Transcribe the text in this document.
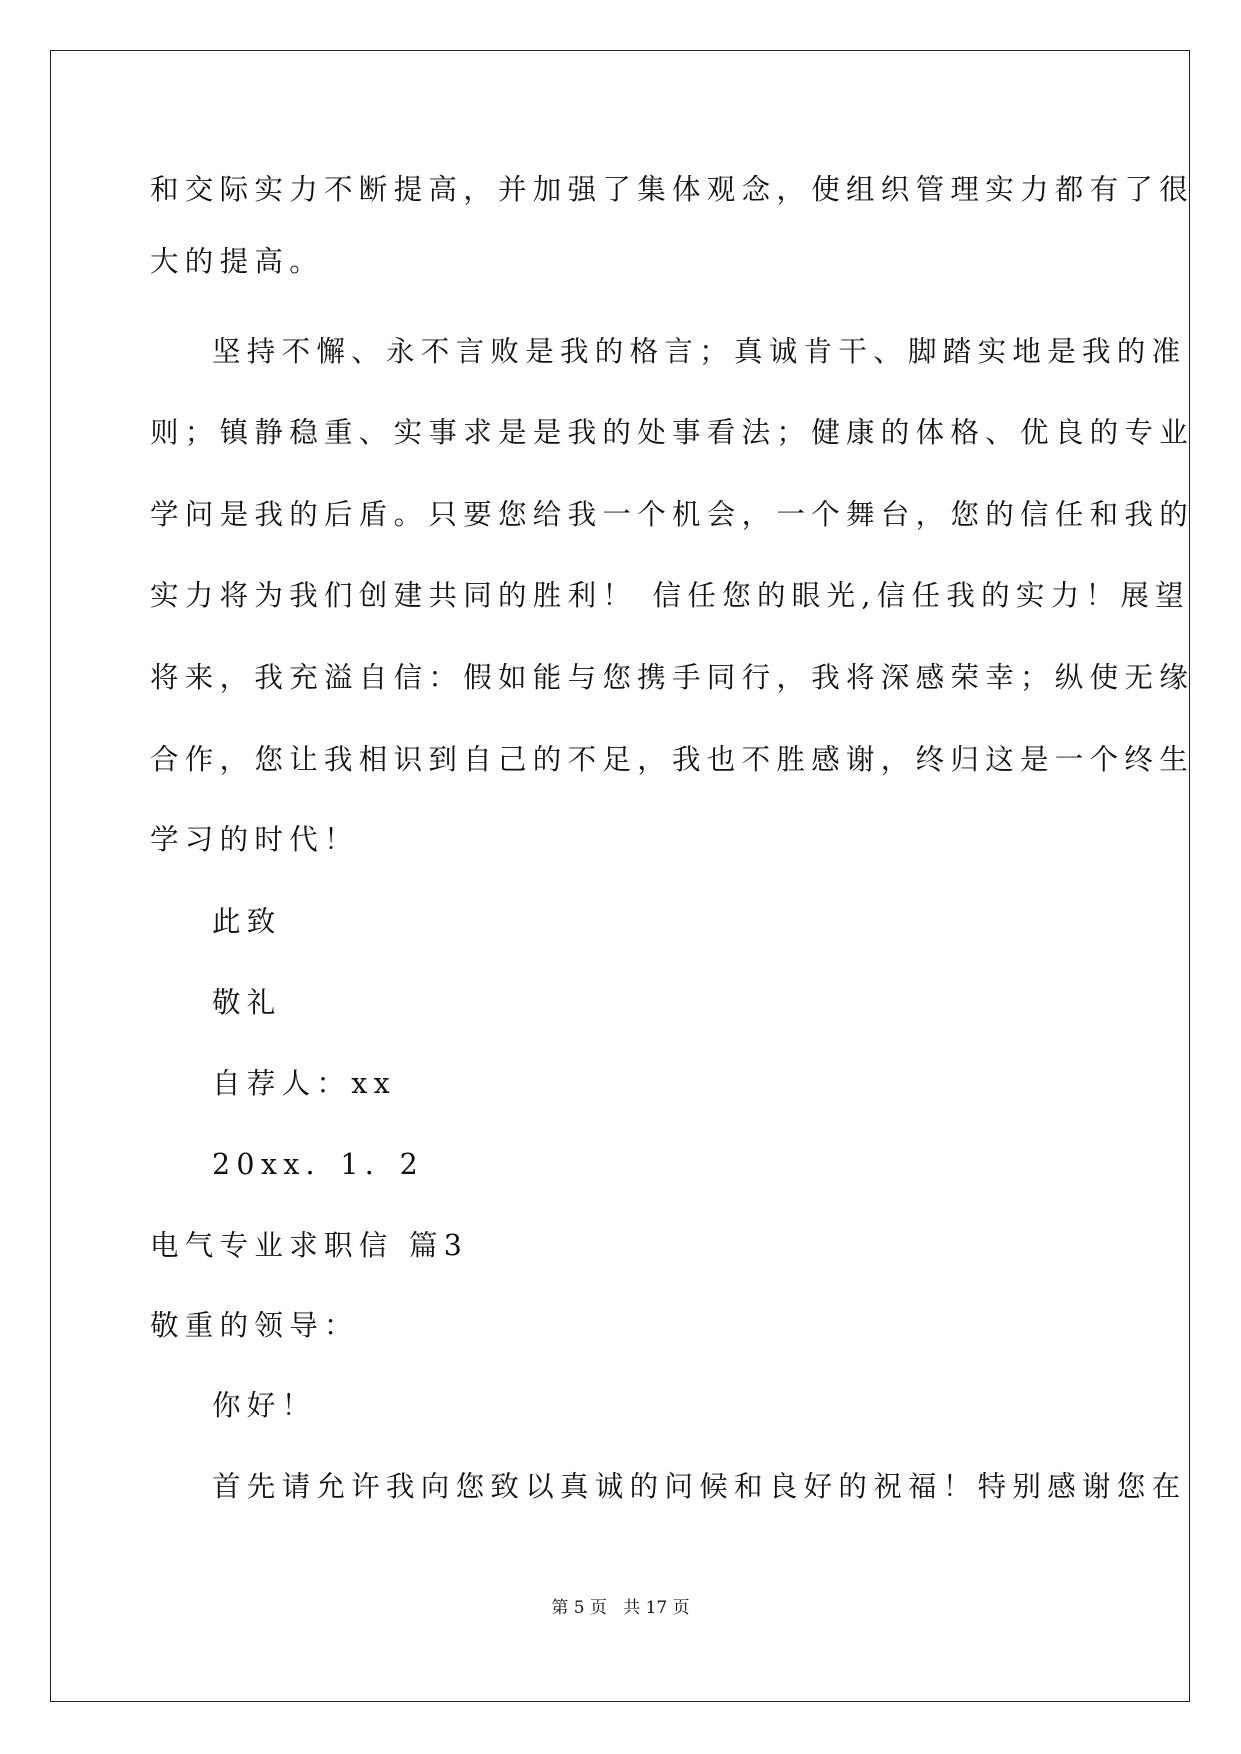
和交际实力不断提高，并加强了集体观念，使组织管理实力都有了很
大的提高。
坚持不懈、永不言败是我的格言；真诚肯干、脚踏实地是我的准
则；镇静稳重、实事求是是我的处事看法；健康的体格、优良的专业
学问是我的后盾。只要您给我一个机会，一个舞台，您的信任和我的
实力将为我们创建共同的胜利！ 信任您的眼光,信任我的实力！展望
将来，我充溢自信：假如能与您携手同行，我将深感荣幸；纵使无缘
合作，您让我相识到自己的不足，我也不胜感谢，终归这是一个终生
学习的时代！
此致
敬礼
自荐人：xx
20xx．1．2
电气专业求职信 篇3
敬重的领导：
你好！
首先请允许我向您致以真诚的问候和良好的祝福！特别感谢您在
第 5 页   共 17 页
